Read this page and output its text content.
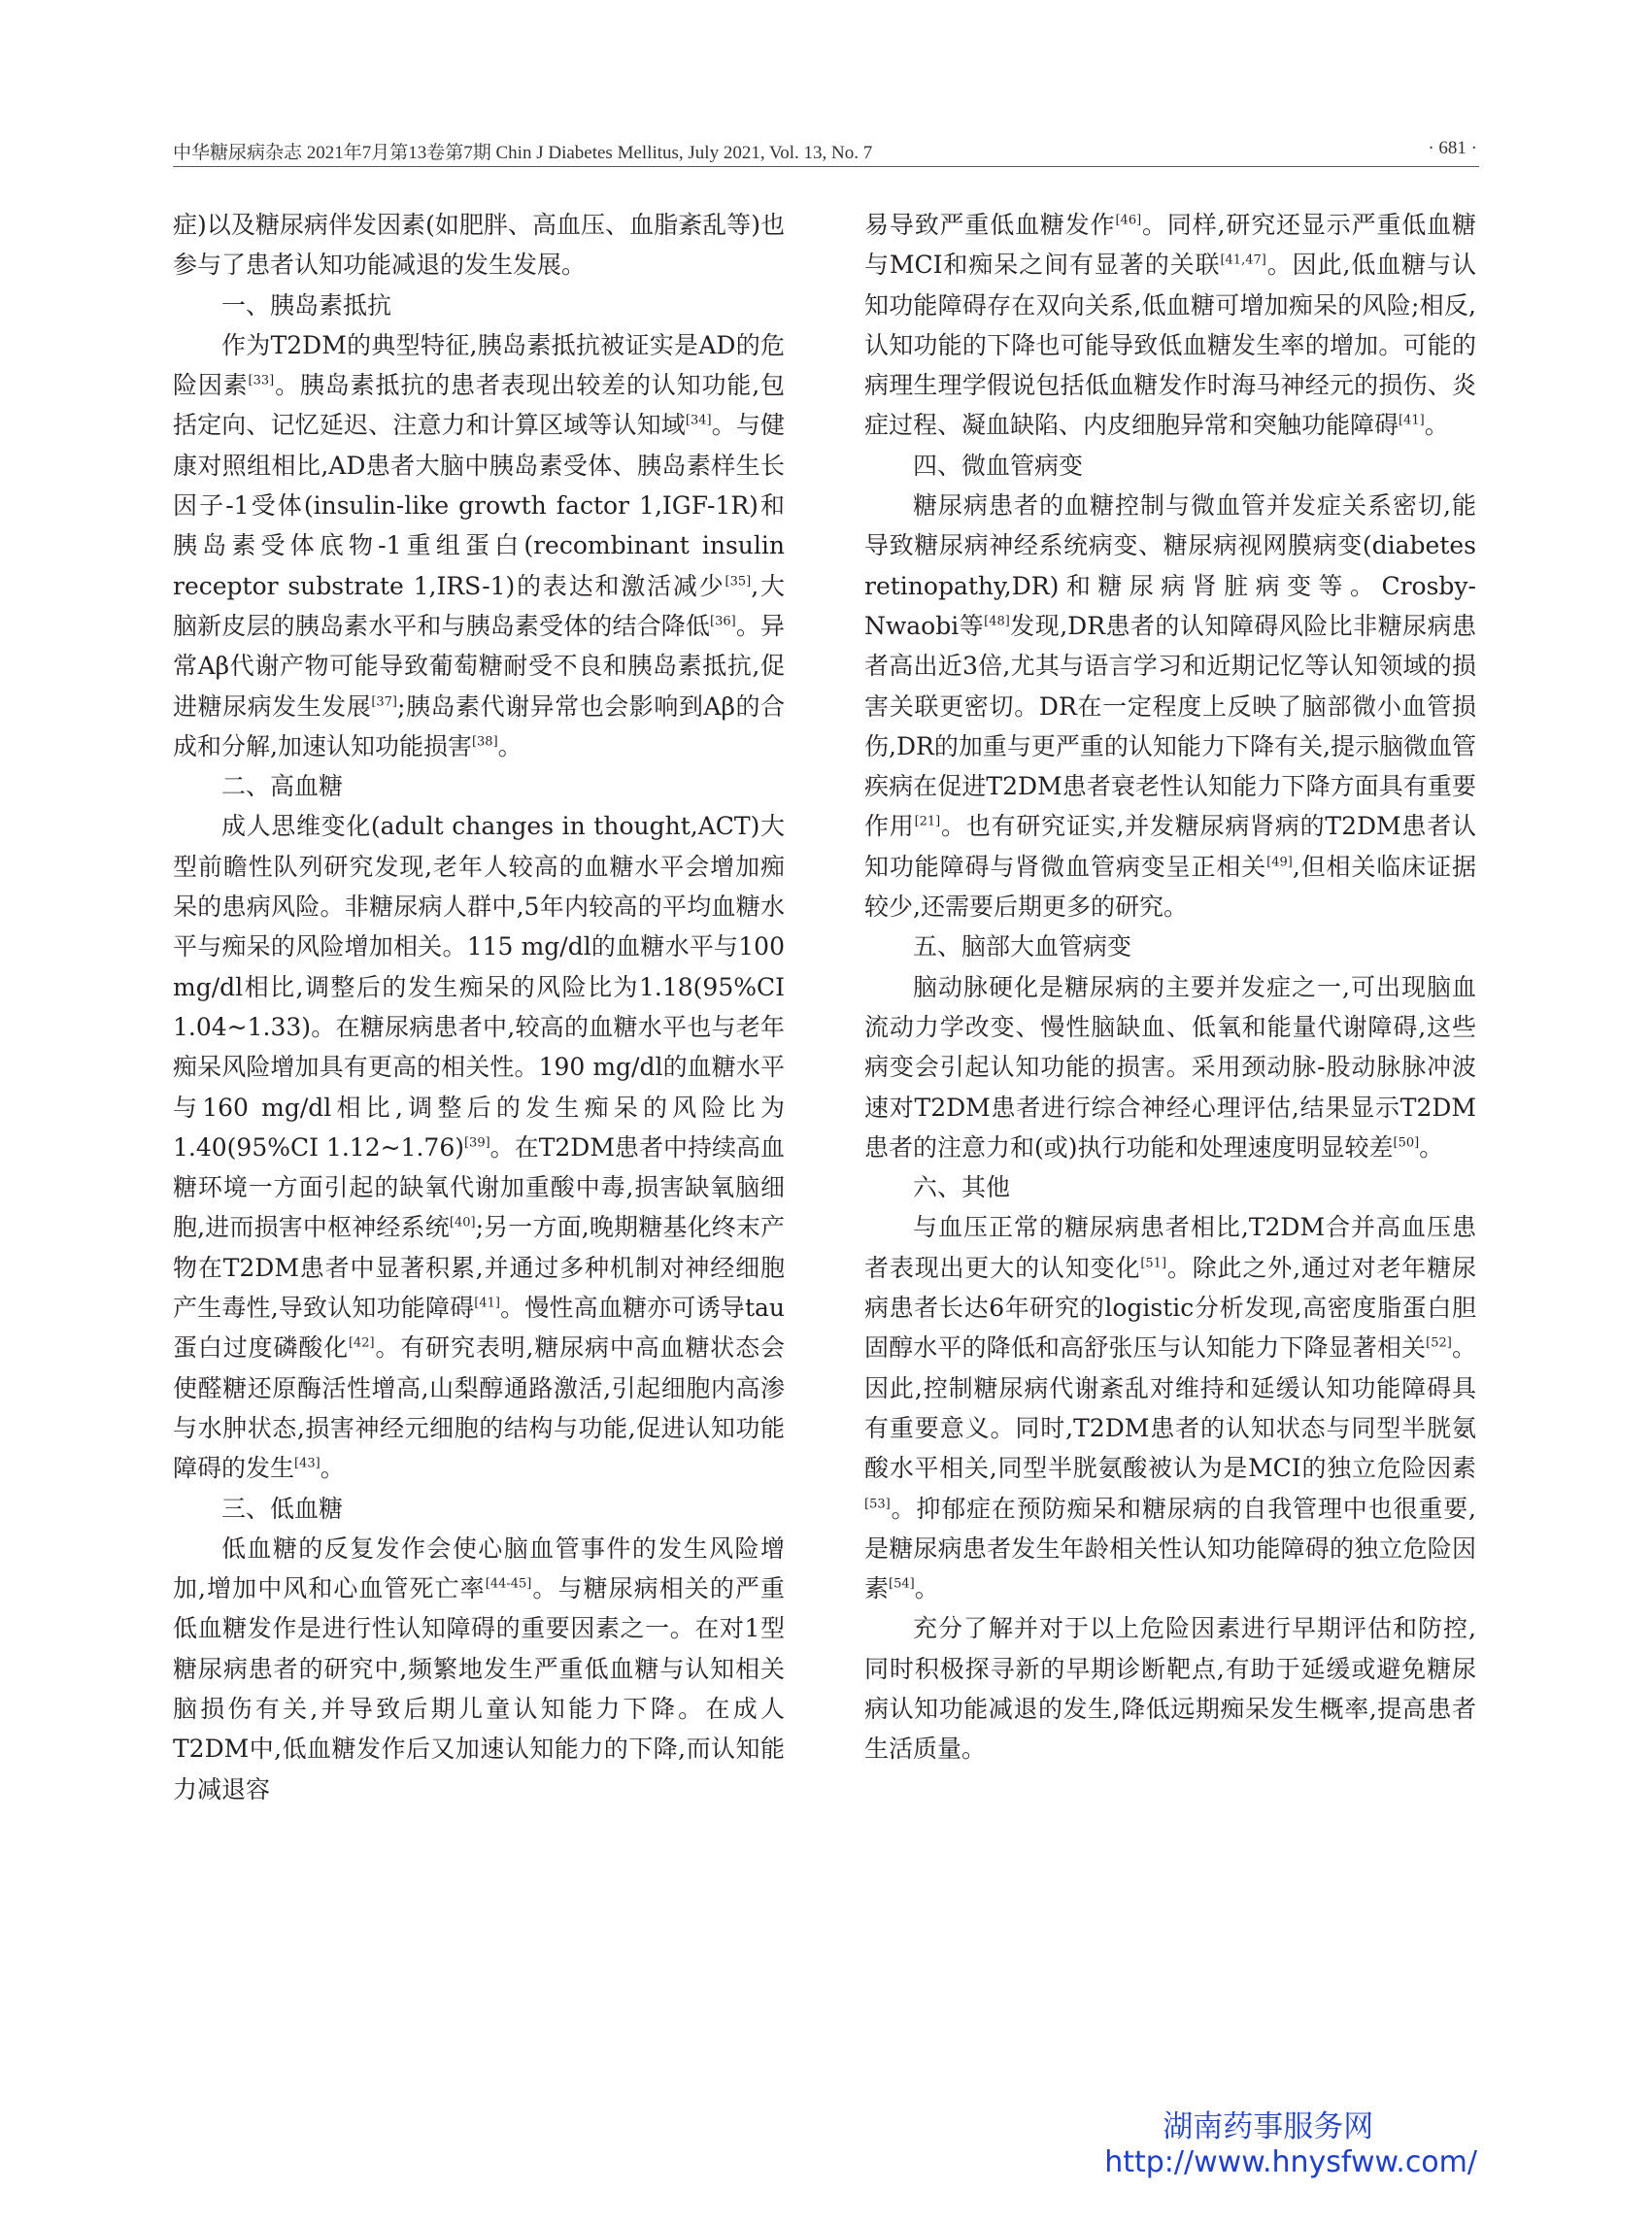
中华糖尿病杂志 2021年7月第13卷第7期 Chin J Diabetes Mellitus, July 2021, Vol. 13, No. 7	· 681 ·

症)以及糖尿病伴发因素(如肥胖、高血压、血脂紊乱等)也参与了患者认知功能减退的发生发展。

一、胰岛素抵抗

作为T2DM的典型特征,胰岛素抵抗被证实是AD的危险因素[33]。胰岛素抵抗的患者表现出较差的认知功能,包括定向、记忆延迟、注意力和计算区域等认知域[34]。与健康对照组相比,AD患者大脑中胰岛素受体、胰岛素样生长因子-1受体(insulin-like growth factor 1,IGF-1R)和胰岛素受体底物-1重组蛋白(recombinant insulin receptor substrate 1,IRS-1)的表达和激活减少[35],大脑新皮层的胰岛素水平和与胰岛素受体的结合降低[36]。异常Aβ代谢产物可能导致葡萄糖耐受不良和胰岛素抵抗,促进糖尿病发生发展[37];胰岛素代谢异常也会影响到Aβ的合成和分解,加速认知功能损害[38]。

二、高血糖

成人思维变化(adult changes in thought,ACT)大型前瞻性队列研究发现,老年人较高的血糖水平会增加痴呆的患病风险。非糖尿病人群中,5年内较高的平均血糖水平与痴呆的风险增加相关。115 mg/dl的血糖水平与100 mg/dl相比,调整后的发生痴呆的风险比为1.18(95%CI 1.04~1.33)。在糖尿病患者中,较高的血糖水平也与老年痴呆风险增加具有更高的相关性。190 mg/dl的血糖水平与160 mg/dl相比,调整后的发生痴呆的风险比为1.40(95%CI 1.12~1.76)[39]。在T2DM患者中持续高血糖环境一方面引起的缺氧代谢加重酸中毒,损害缺氧脑细胞,进而损害中枢神经系统[40];另一方面,晚期糖基化终末产物在T2DM患者中显著积累,并通过多种机制对神经细胞产生毒性,导致认知功能障碍[41]。慢性高血糖亦可诱导tau蛋白过度磷酸化[42]。有研究表明,糖尿病中高血糖状态会使醛糖还原酶活性增高,山梨醇通路激活,引起细胞内高渗与水肿状态,损害神经元细胞的结构与功能,促进认知功能障碍的发生[43]。

三、低血糖

低血糖的反复发作会使心脑血管事件的发生风险增加,增加中风和心血管死亡率[44-45]。与糖尿病相关的严重低血糖发作是进行性认知障碍的重要因素之一。在对1型糖尿病患者的研究中,频繁地发生严重低血糖与认知相关脑损伤有关,并导致后期儿童认知能力下降。在成人T2DM中,低血糖发作后又加速认知能力的下降,而认知能力减退容

易导致严重低血糖发作[46]。同样,研究还显示严重低血糖与MCI和痴呆之间有显著的关联[41,47]。因此,低血糖与认知功能障碍存在双向关系,低血糖可增加痴呆的风险;相反,认知功能的下降也可能导致低血糖发生率的增加。可能的病理生理学假说包括低血糖发作时海马神经元的损伤、炎症过程、凝血缺陷、内皮细胞异常和突触功能障碍[41]。

四、微血管病变

糖尿病患者的血糖控制与微血管并发症关系密切,能导致糖尿病神经系统病变、糖尿病视网膜病变(diabetes retinopathy,DR)和糖尿病肾脏病变等。Crosby-Nwaobi等[48]发现,DR患者的认知障碍风险比非糖尿病患者高出近3倍,尤其与语言学习和近期记忆等认知领域的损害关联更密切。DR在一定程度上反映了脑部微小血管损伤,DR的加重与更严重的认知能力下降有关,提示脑微血管疾病在促进T2DM患者衰老性认知能力下降方面具有重要作用[21]。也有研究证实,并发糖尿病肾病的T2DM患者认知功能障碍与肾微血管病变呈正相关[49],但相关临床证据较少,还需要后期更多的研究。

五、脑部大血管病变

脑动脉硬化是糖尿病的主要并发症之一,可出现脑血流动力学改变、慢性脑缺血、低氧和能量代谢障碍,这些病变会引起认知功能的损害。采用颈动脉-股动脉脉冲波速对T2DM患者进行综合神经心理评估,结果显示T2DM患者的注意力和(或)执行功能和处理速度明显较差[50]。

六、其他

与血压正常的糖尿病患者相比,T2DM合并高血压患者表现出更大的认知变化[51]。除此之外,通过对老年糖尿病患者长达6年研究的logistic分析发现,高密度脂蛋白胆固醇水平的降低和高舒张压与认知能力下降显著相关[52]。因此,控制糖尿病代谢紊乱对维持和延缓认知功能障碍具有重要意义。同时,T2DM患者的认知状态与同型半胱氨酸水平相关,同型半胱氨酸被认为是MCI的独立危险因素[53]。抑郁症在预防痴呆和糖尿病的自我管理中也很重要,是糖尿病患者发生年龄相关性认知功能障碍的独立危险因素[54]。

充分了解并对于以上危险因素进行早期评估和防控,同时积极探寻新的早期诊断靶点,有助于延缓或避免糖尿病认知功能减退的发生,降低远期痴呆发生概率,提高患者生活质量。

湖南药事服务网
http://www.hnysfww.com/
